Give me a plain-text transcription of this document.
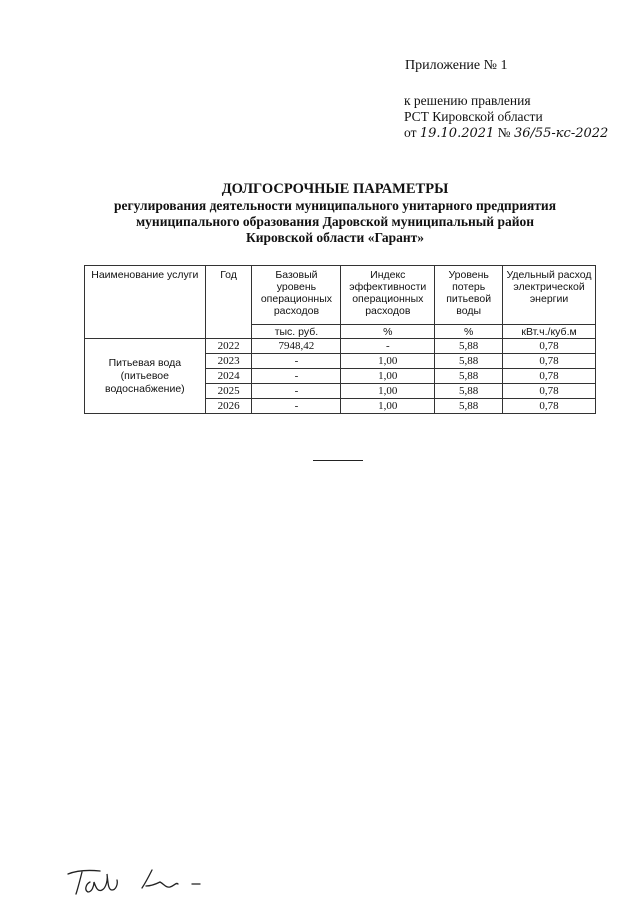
Приложение № 1
к решению правления
РСТ Кировской области
от 19.10.2021 № 36/55-кс-2022
ДОЛГОСРОЧНЫЕ ПАРАМЕТРЫ
регулирования деятельности муниципального унитарного предприятия
муниципального образования Даровской муниципальный район
Кировской области «Гарант»
Наименование услуги	Год	Базовый уровень операционных расходов	Индекс эффективности операционных расходов	Уровень потерь питьевой воды	Удельный расход электрической энергии
		тыс. руб.	%	%	кВт.ч./куб.м
Питьевая вода (питьевое водоснабжение)	2022	7948,42	-	5,88	0,78
	2023	-	1,00	5,88	0,78
	2024	-	1,00	5,88	0,78
	2025	-	1,00	5,88	0,78
	2026	-	1,00	5,88	0,78
